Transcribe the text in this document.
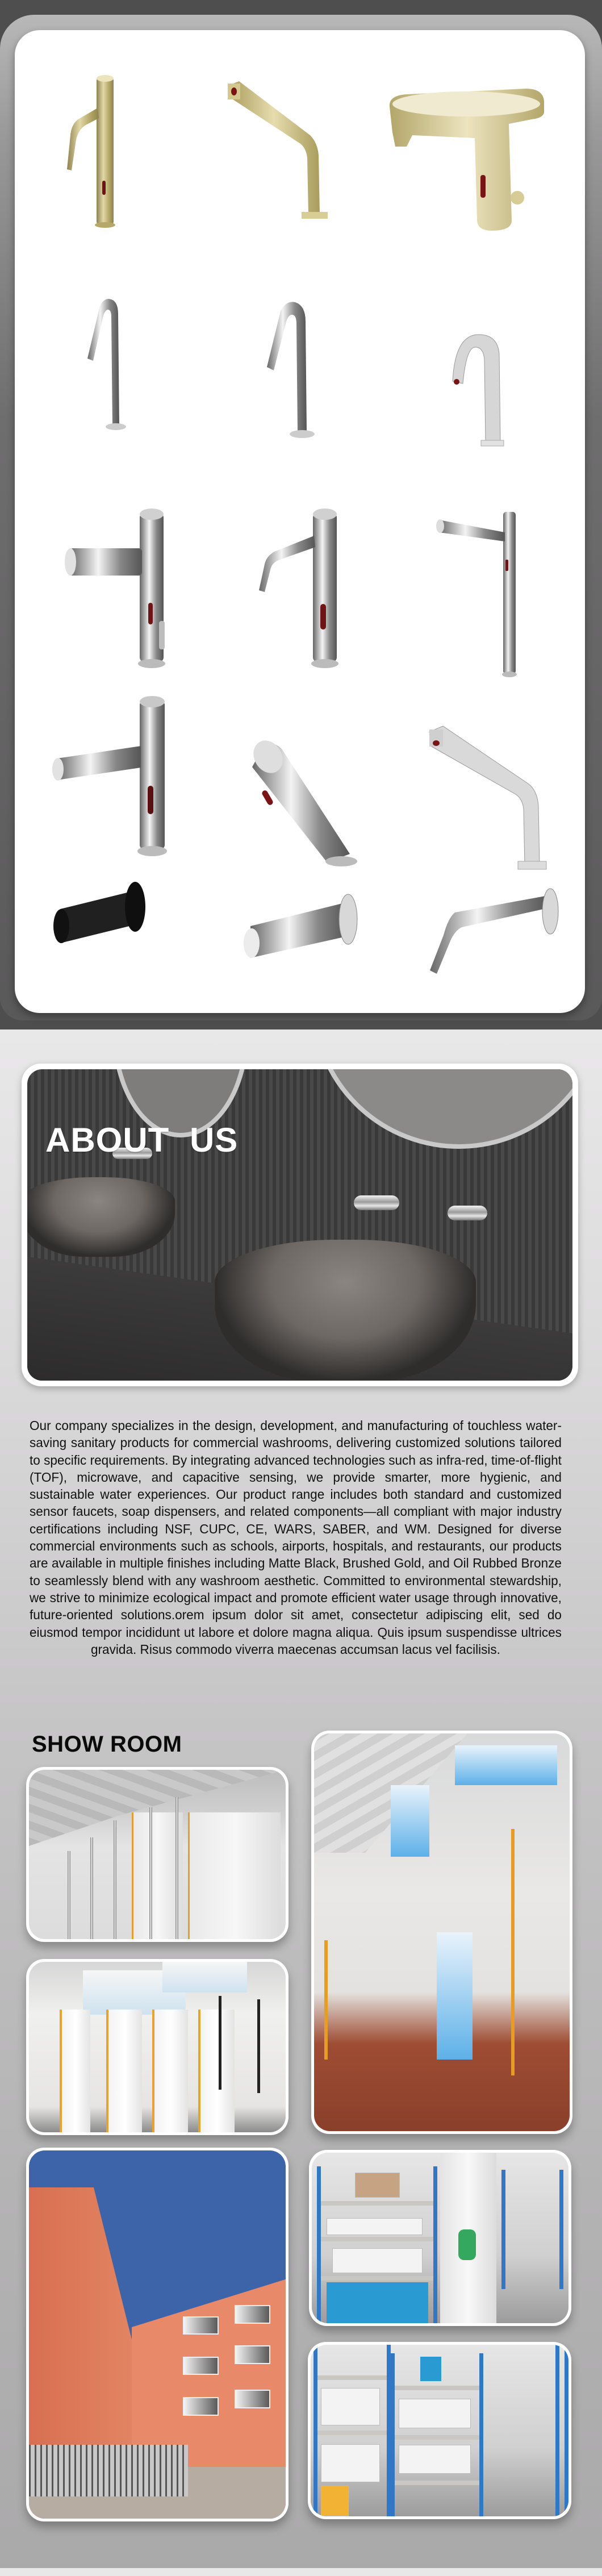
ABOUT US

Our company specializes in the design, development, and manufacturing of touchless water-saving sanitary products for commercial washrooms, delivering customized solutions tailored to specific requirements. By integrating advanced technologies such as infra-red, time-of-flight (TOF), microwave, and capacitive sensing, we provide smarter, more hygienic, and sustainable water experiences. Our product range includes both standard and customized sensor faucets, soap dispensers, and related components—all compliant with major industry certifications including NSF, CUPC, CE, WARS, SABER, and WM. Designed for diverse commercial environments such as schools, airports, hospitals, and restaurants, our products are available in multiple finishes including Matte Black, Brushed Gold, and Oil Rubbed Bronze to seamlessly blend with any washroom aesthetic. Committed to environmental stewardship, we strive to minimize ecological impact and promote efficient water usage through innovative, future-oriented solutions.orem ipsum dolor sit amet, consectetur adipiscing elit, sed do eiusmod tempor incididunt ut labore et dolore magna aliqua. Quis ipsum suspendisse ultrices gravida. Risus commodo viverra maecenas accumsan lacus vel facilisis.

SHOW ROOM
